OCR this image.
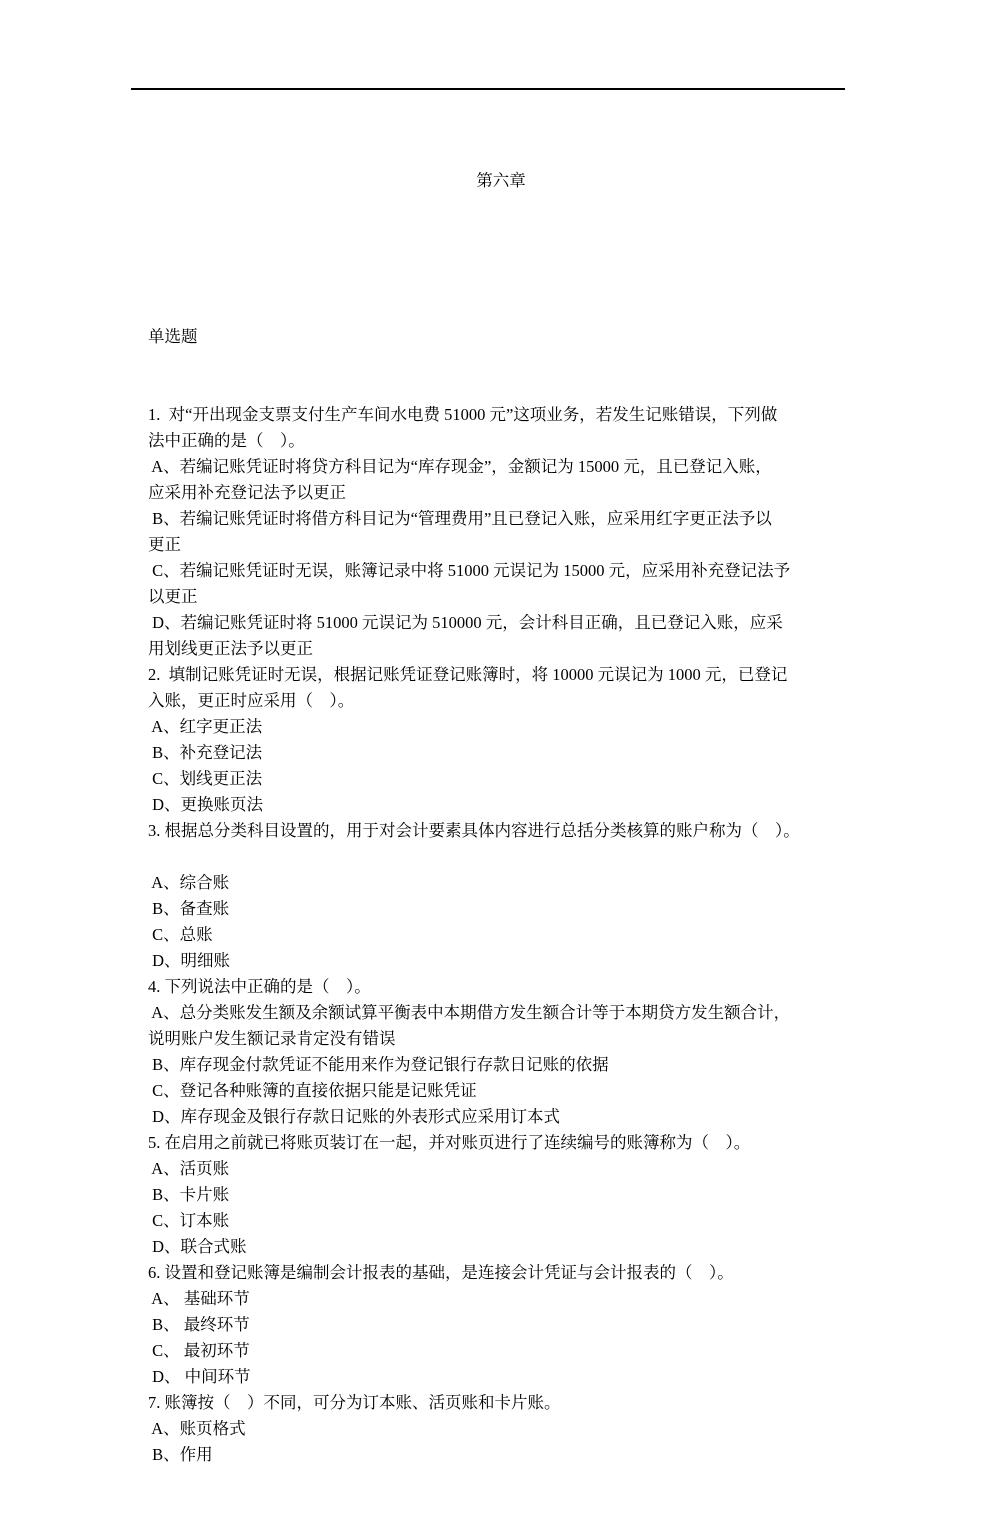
第六章

单选题

1.  对“开出现金支票支付生产车间水电费 51000 元”这项业务，若发生记账错误，下列做
法中正确的是（　）。
A、若编记账凭证时将贷方科目记为“库存现金”，金额记为 15000 元，且已登记入账，
应采用补充登记法予以更正
B、若编记账凭证时将借方科目记为“管理费用”且已登记入账，应采用红字更正法予以
更正
C、若编记账凭证时无误，账簿记录中将 51000 元误记为 15000 元，应采用补充登记法予
以更正
D、若编记账凭证时将 51000 元误记为 510000 元，会计科目正确，且已登记入账，应采
用划线更正法予以更正
2.  填制记账凭证时无误，根据记账凭证登记账簿时，将 10000 元误记为 1000 元，已登记
入账，更正时应采用（　）。
A、红字更正法
B、补充登记法
C、划线更正法
D、更换账页法
3. 根据总分类科目设置的，用于对会计要素具体内容进行总括分类核算的账户称为（　）。
A、综合账
B、备查账
C、总账
D、明细账
4. 下列说法中正确的是（　）。
A、总分类账发生额及余额试算平衡表中本期借方发生额合计等于本期贷方发生额合计，
说明账户发生额记录肯定没有错误
B、库存现金付款凭证不能用来作为登记银行存款日记账的依据
C、登记各种账簿的直接依据只能是记账凭证
D、库存现金及银行存款日记账的外表形式应采用订本式
5. 在启用之前就已将账页装订在一起，并对账页进行了连续编号的账簿称为（　）。
A、活页账
B、卡片账
C、订本账
D、联合式账
6. 设置和登记账簿是编制会计报表的基础，是连接会计凭证与会计报表的（　）。
A、 基础环节
B、 最终环节
C、 最初环节
D、 中间环节
7. 账簿按（　）不同，可分为订本账、活页账和卡片账。
A、账页格式
B、作用
